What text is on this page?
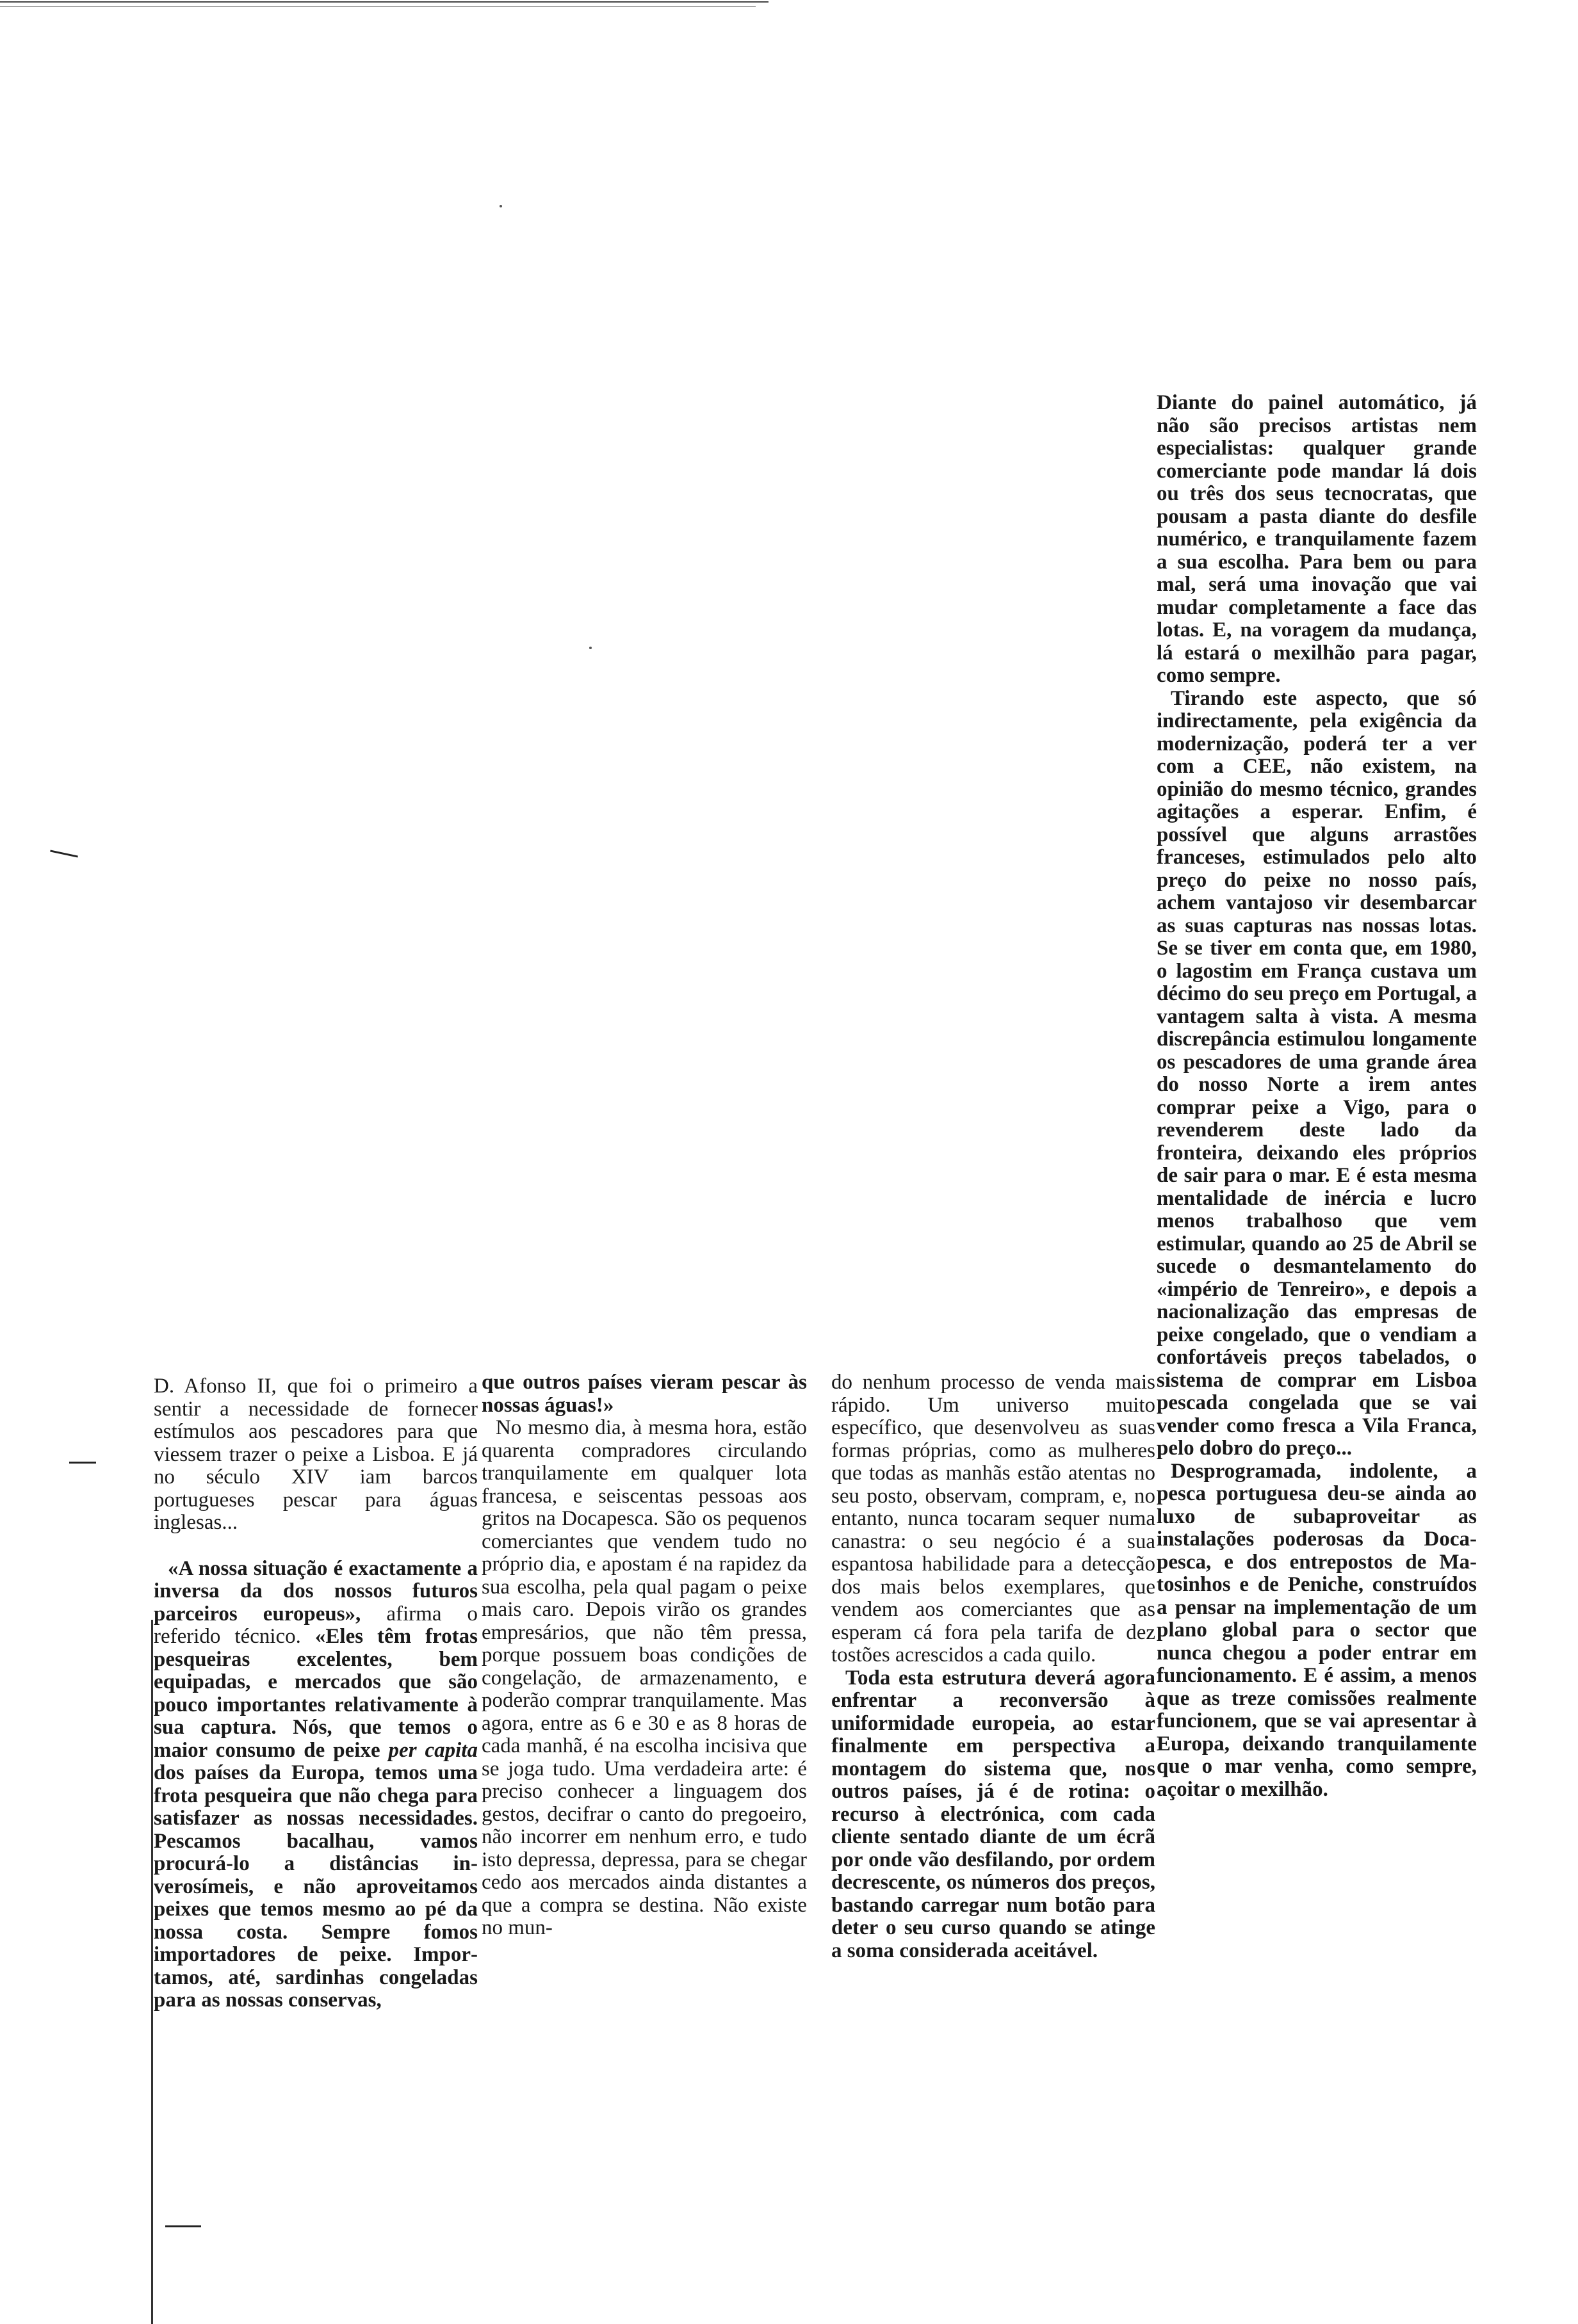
Diante do painel automático, já não são precisos artistas nem especialistas: qualquer grande comerciante pode mandar lá dois ou três dos seus tecnocratas, que pousam a pasta diante do desfile numérico, e tranquilamente fazem a sua escolha. Para bem ou para mal, será uma inovação que vai mudar completamente a face das lotas. E, na voragem da mudança, lá estará o mexilhão para pagar, como sempre.

Tirando este aspecto, que só indirectamente, pela exigência da modernização, poderá ter a ver com a CEE, não existem, na opinião do mesmo técnico, grandes agitações a esperar. Enfim, é possível que alguns arrastões franceses, estimulados pelo alto preço do peixe no nosso país, achem vantajoso vir desembarcar as suas capturas nas nossas lotas. Se se tiver em conta que, em 1980, o lagostim em França custava um décimo do seu preço em Portugal, a vantagem salta à vista. A mesma discrepância estimulou longamente os pescadores de uma grande área do nosso Norte a irem antes comprar peixe a Vigo, para o revenderem deste lado da fronteira, deixando eles próprios de sair para o mar. E é esta mesma mentalidade de inércia e lucro menos trabalhoso que vem estimular, quando ao 25 de Abril se sucede o desmantelamento do «império de Tenreiro», e depois a nacionalização das empresas de peixe congelado, que o vendiam a confortáveis preços tabelados, o sistema de comprar em Lisboa pescada congelada que se vai vender como fresca a Vila Franca, pelo dobro do preço...

Desprogramada, indolente, a pesca portuguesa deu-se ainda ao luxo de subaproveitar as instalações poderosas da Docapesca, e dos entrepostos de Matosinhos e de Peniche, construídos a pensar na implementação de um plano global para o sector que nunca chegou a poder entrar em funcionamento. E é assim, a menos que as treze comissões realmente funcionem, que se vai apresentar à Europa, deixando tranquilamente que o mar venha, como sempre, açoitar o mexilhão.

D. Afonso II, que foi o primeiro a sentir a necessidade de fornecer estímulos aos pescadores para que viessem trazer o peixe a Lisboa. E já no século XIV iam barcos portugueses pescar para águas inglesas...

«A nossa situação é exactamente a inversa da dos nossos futuros parceiros europeus», afirma o referido técnico. «Eles têm frotas pesqueiras excelentes, bem equipadas, e mercados que são pouco importantes relativamente à sua captura. Nós, que temos o maior consumo de peixe per capita dos países da Europa, temos uma frota pesqueira que não chega para satisfazer as nossas necessidades. Pescamos bacalhau, vamos procurá-lo a distâncias inverosímeis, e não aproveitamos peixes que temos mesmo ao pé da nossa costa. Sempre fomos importadores de peixe. Importamos, até, sardinhas congeladas para as nossas conservas,

que outros países vieram pescar às nossas águas!»

No mesmo dia, à mesma hora, estão quarenta compradores circulando tranquilamente em qualquer lota francesa, e seiscentas pessoas aos gritos na Docapesca. São os pequenos comerciantes que vendem tudo no próprio dia, e apostam é na rapidez da sua escolha, pela qual pagam o peixe mais caro. Depois virão os grandes empresários, que não têm pressa, porque possuem boas condições de congelação, de armazenamento, e poderão comprar tranquilamente. Mas agora, entre as 6 e 30 e as 8 horas de cada manhã, é na escolha incisiva que se joga tudo. Uma verdadeira arte: é preciso conhecer a linguagem dos gestos, decifrar o canto do pregoeiro, não incorrer em nenhum erro, e tudo isto depressa, depressa, para se chegar cedo aos mercados ainda distantes a que a compra se destina. Não existe no mun-

do nenhum processo de venda mais rápido. Um universo muito específico, que desenvolveu as suas formas próprias, como as mulheres que todas as manhãs estão atentas no seu posto, observam, compram, e, no entanto, nunca tocaram sequer numa canastra: o seu negócio é a sua espantosa habilidade para a detecção dos mais belos exemplares, que vendem aos comerciantes que as esperam cá fora pela tarifa de dez tostões acrescidos a cada quilo.

Toda esta estrutura deverá agora enfrentar a reconversão à uniformidade europeia, ao estar finalmente em perspectiva a montagem do sistema que, nos outros países, já é de rotina: o recurso à electrónica, com cada cliente sentado diante de um écrã por onde vão desfilando, por ordem decrescente, os números dos preços, bastando carregar num botão para deter o seu curso quando se atinge a soma considerada aceitável.
